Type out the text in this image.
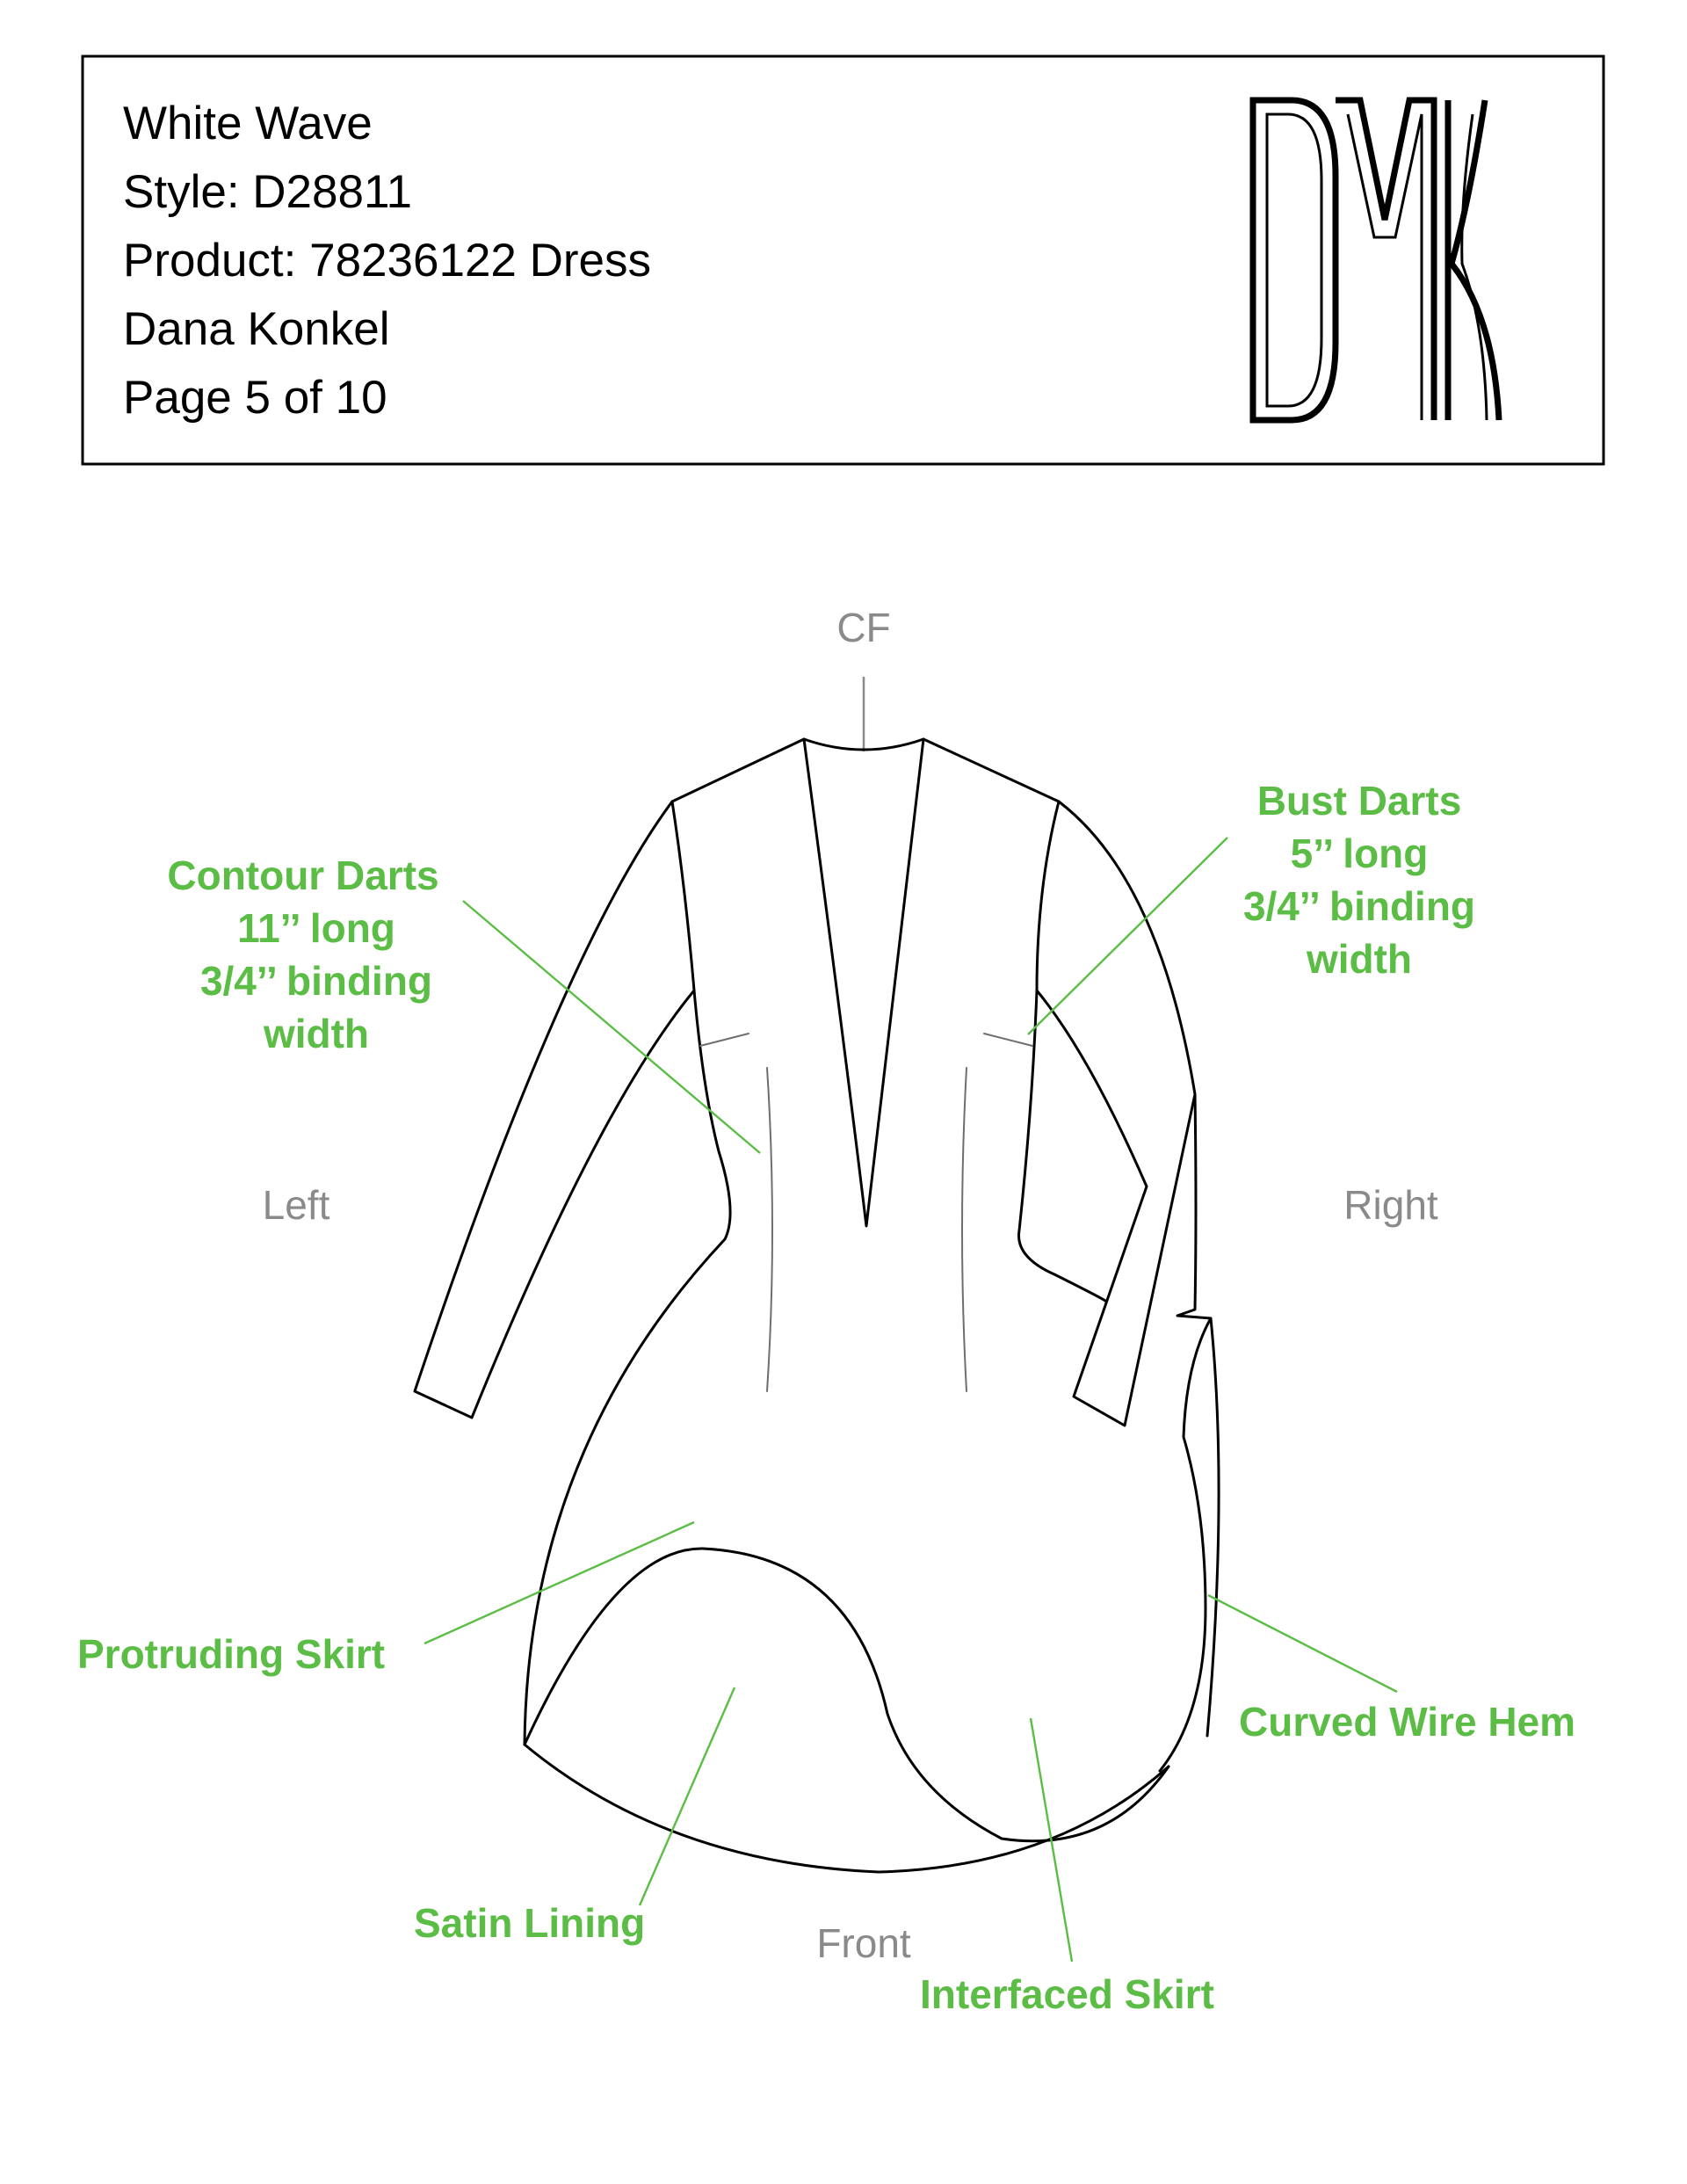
White Wave
Style: D28811
Product: 78236122 Dress
Dana Konkel
Page 5 of 10
CF
Left	Right
Front
Contour Darts
11’’ long
3/4’’ binding
width
Bust Darts
5’’ long
3/4’’ binding
width
Protruding Skirt
Curved Wire Hem
Satin Lining
Interfaced Skirt
